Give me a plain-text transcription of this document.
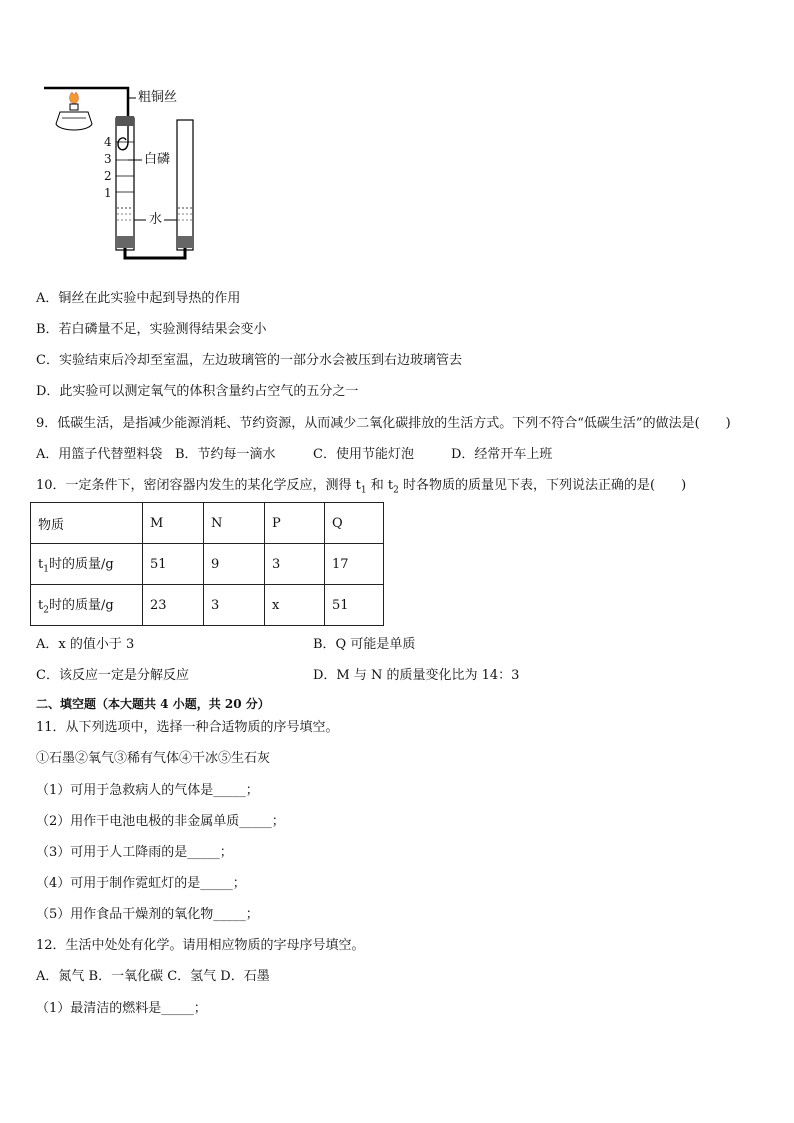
粗铜丝
白磷
水
4
3
2
1
A．铜丝在此实验中起到导热的作用
B．若白磷量不足，实验测得结果会变小
C．实验结束后冷却至室温，左边玻璃管的一部分水会被压到右边玻璃管去
D．此实验可以测定氧气的体积含量约占空气的五分之一
9．低碳生活，是指减少能源消耗、节约资源，从而减少二氧化碳排放的生活方式。下列不符合“低碳生活”的做法是(　　)
A．用篮子代替塑料袋 B．节约每一滴水	C．使用节能灯泡	D．经常开车上班
10．一定条件下，密闭容器内发生的某化学反应，测得 $t_1$ 和 $t_2$ 时各物质的质量见下表，下列说法正确的是(　　)
物质	M	N	P	Q
$t_1$时的质量/g	51	9	3	17
$t_2$时的质量/g	23	3	x	51
A．x 的值小于 3	B．Q 可能是单质
C．该反应一定是分解反应	D．M 与 N 的质量变化比为 14：3
二、填空题（本大题共 4 小题，共 20 分）
11．从下列选项中，选择一种合适物质的序号填空。
①石墨②氧气③稀有气体④干冰⑤生石灰
（1）可用于急救病人的气体是_____；
（2）用作干电池电极的非金属单质_____；
（3）可用于人工降雨的是_____；
（4）可用于制作霓虹灯的是_____；
（5）用作食品干燥剂的氧化物_____；
12．生活中处处有化学。请用相应物质的字母序号填空。
A．氮气 B．一氧化碳 C．氢气 D．石墨
（1）最清洁的燃料是_____；
